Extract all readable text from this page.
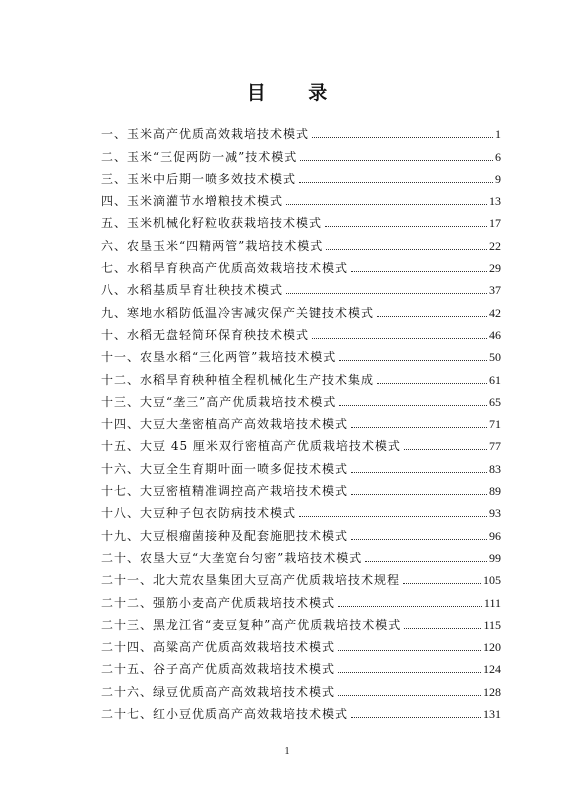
目 录
一、玉米高产优质高效栽培技术模式	1
二、玉米“三促两防一减”技术模式	6
三、玉米中后期一喷多效技术模式	9
四、玉米滴灌节水增粮技术模式	13
五、玉米机械化籽粒收获栽培技术模式	17
六、农垦玉米“四精两管”栽培技术模式	22
七、水稻旱育秧高产优质高效栽培技术模式	29
八、水稻基质旱育壮秧技术模式	37
九、寒地水稻防低温冷害减灾保产关键技术模式	42
十、水稻无盘轻简环保育秧技术模式	46
十一、农垦水稻“三化两管”栽培技术模式	50
十二、水稻旱育秧种植全程机械化生产技术集成	61
十三、大豆“垄三”高产优质栽培技术模式	65
十四、大豆大垄密植高产高效栽培技术模式	71
十五、大豆 45 厘米双行密植高产优质栽培技术模式	77
十六、大豆全生育期叶面一喷多促技术模式	83
十七、大豆密植精准调控高产栽培技术模式	89
十八、大豆种子包衣防病技术模式	93
十九、大豆根瘤菌接种及配套施肥技术模式	96
二十、农垦大豆“大垄宽台匀密”栽培技术模式	99
二十一、北大荒农垦集团大豆高产优质栽培技术规程	105
二十二、强筋小麦高产优质栽培技术模式	111
二十三、黑龙江省“麦豆复种”高产优质栽培技术模式	115
二十四、高粱高产优质高效栽培技术模式	120
二十五、谷子高产优质高效栽培技术模式	124
二十六、绿豆优质高产高效栽培技术模式	128
二十七、红小豆优质高产高效栽培技术模式	131
1
